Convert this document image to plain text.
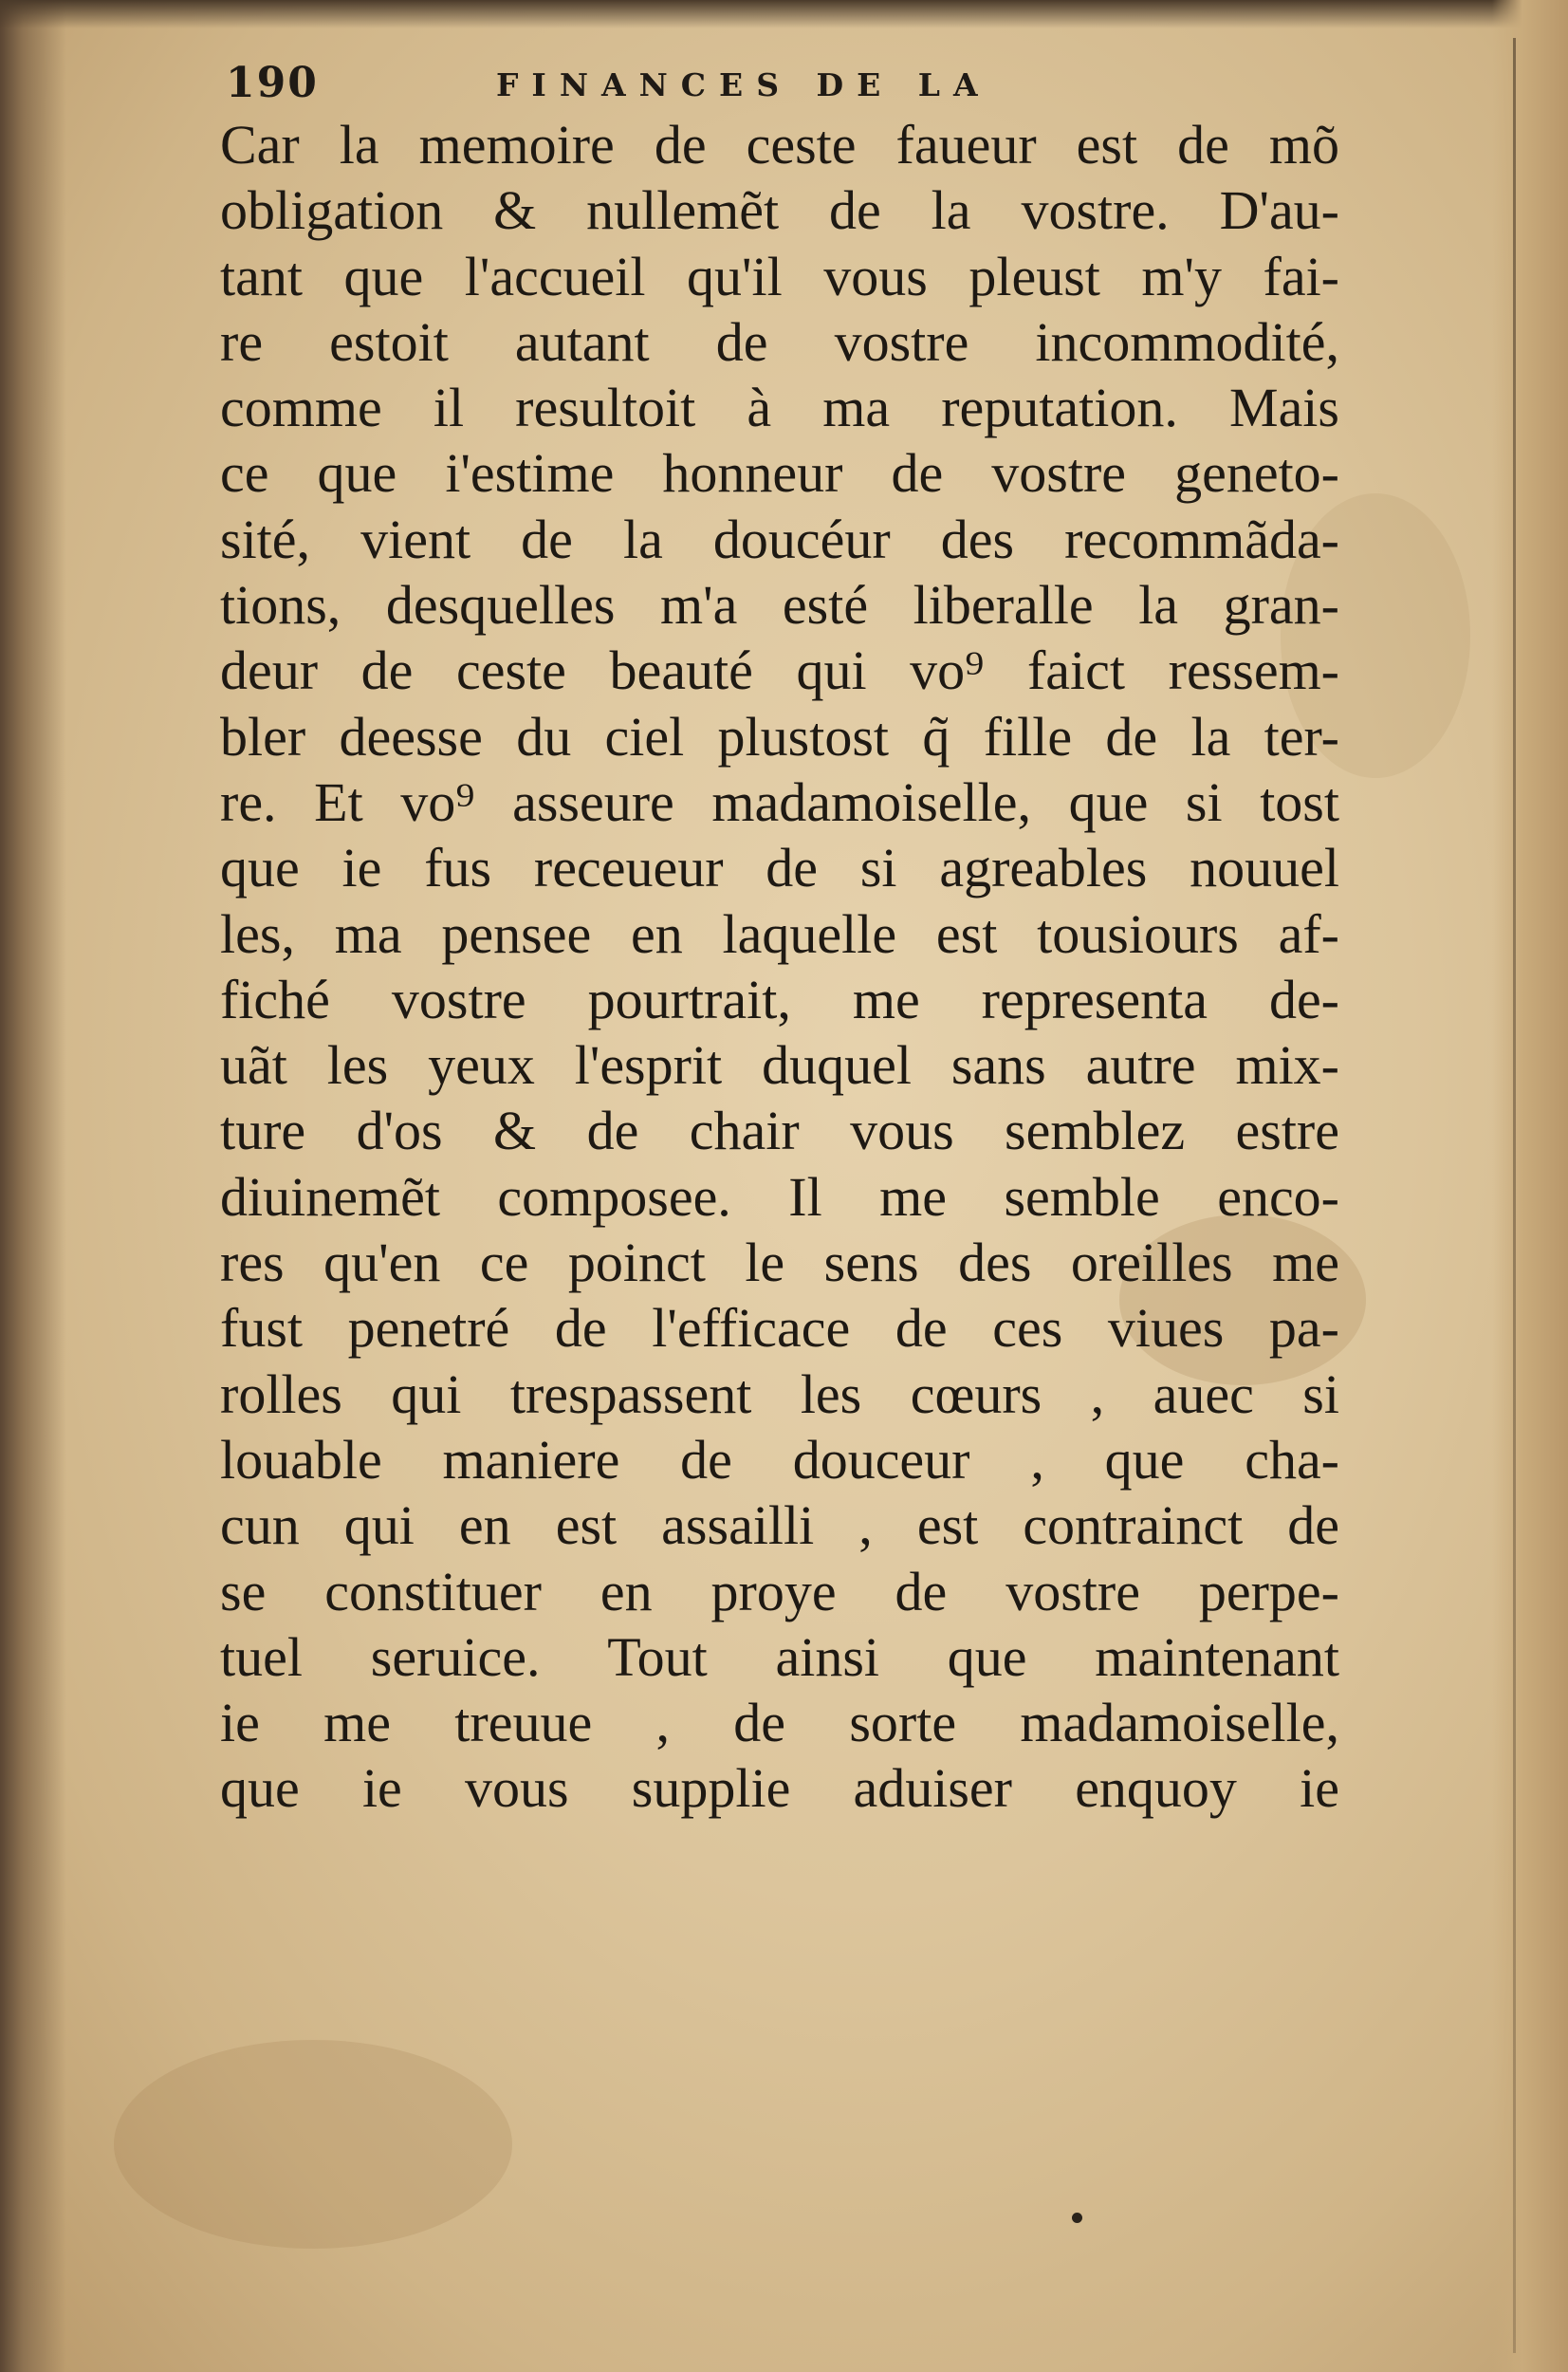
190	FINANCES DE LA
Car la memoire de ceste faueur est de mõ
obligation & nullemẽt de la vostre. D'au-
tant que l'accueil qu'il vous pleust m'y fai-
re estoit autant de vostre incommodité,
comme il resultoit à ma reputation. Mais
ce que i'estime honneur de vostre geneto-
sité, vient de la doucéur des recommãda-
tions, desquelles m'a esté liberalle la gran-
deur de ceste beauté qui vo⁹ faict ressem-
bler deesse du ciel plustost q̃ fille de la ter-
re. Et vo⁹ asseure madamoiselle, que si tost
que ie fus receueur de si agreables nouuel
les, ma pensee en laquelle est tousiours af-
fiché vostre pourtrait, me representa de-
uãt les yeux l'esprit duquel sans autre mix-
ture d'os & de chair vous semblez estre
diuinemẽt composee. Il me semble enco-
res qu'en ce poinct le sens des oreilles me
fust penetré de l'efficace de ces viues pa-
rolles qui trespassent les cœurs , auec si
louable maniere de douceur , que cha-
cun qui en est assailli , est contrainct de
se constituer en proye de vostre perpe-
tuel seruice. Tout ainsi que maintenant
ie me treuue , de sorte madamoiselle,
que ie vous supplie aduiser enquoy ie
